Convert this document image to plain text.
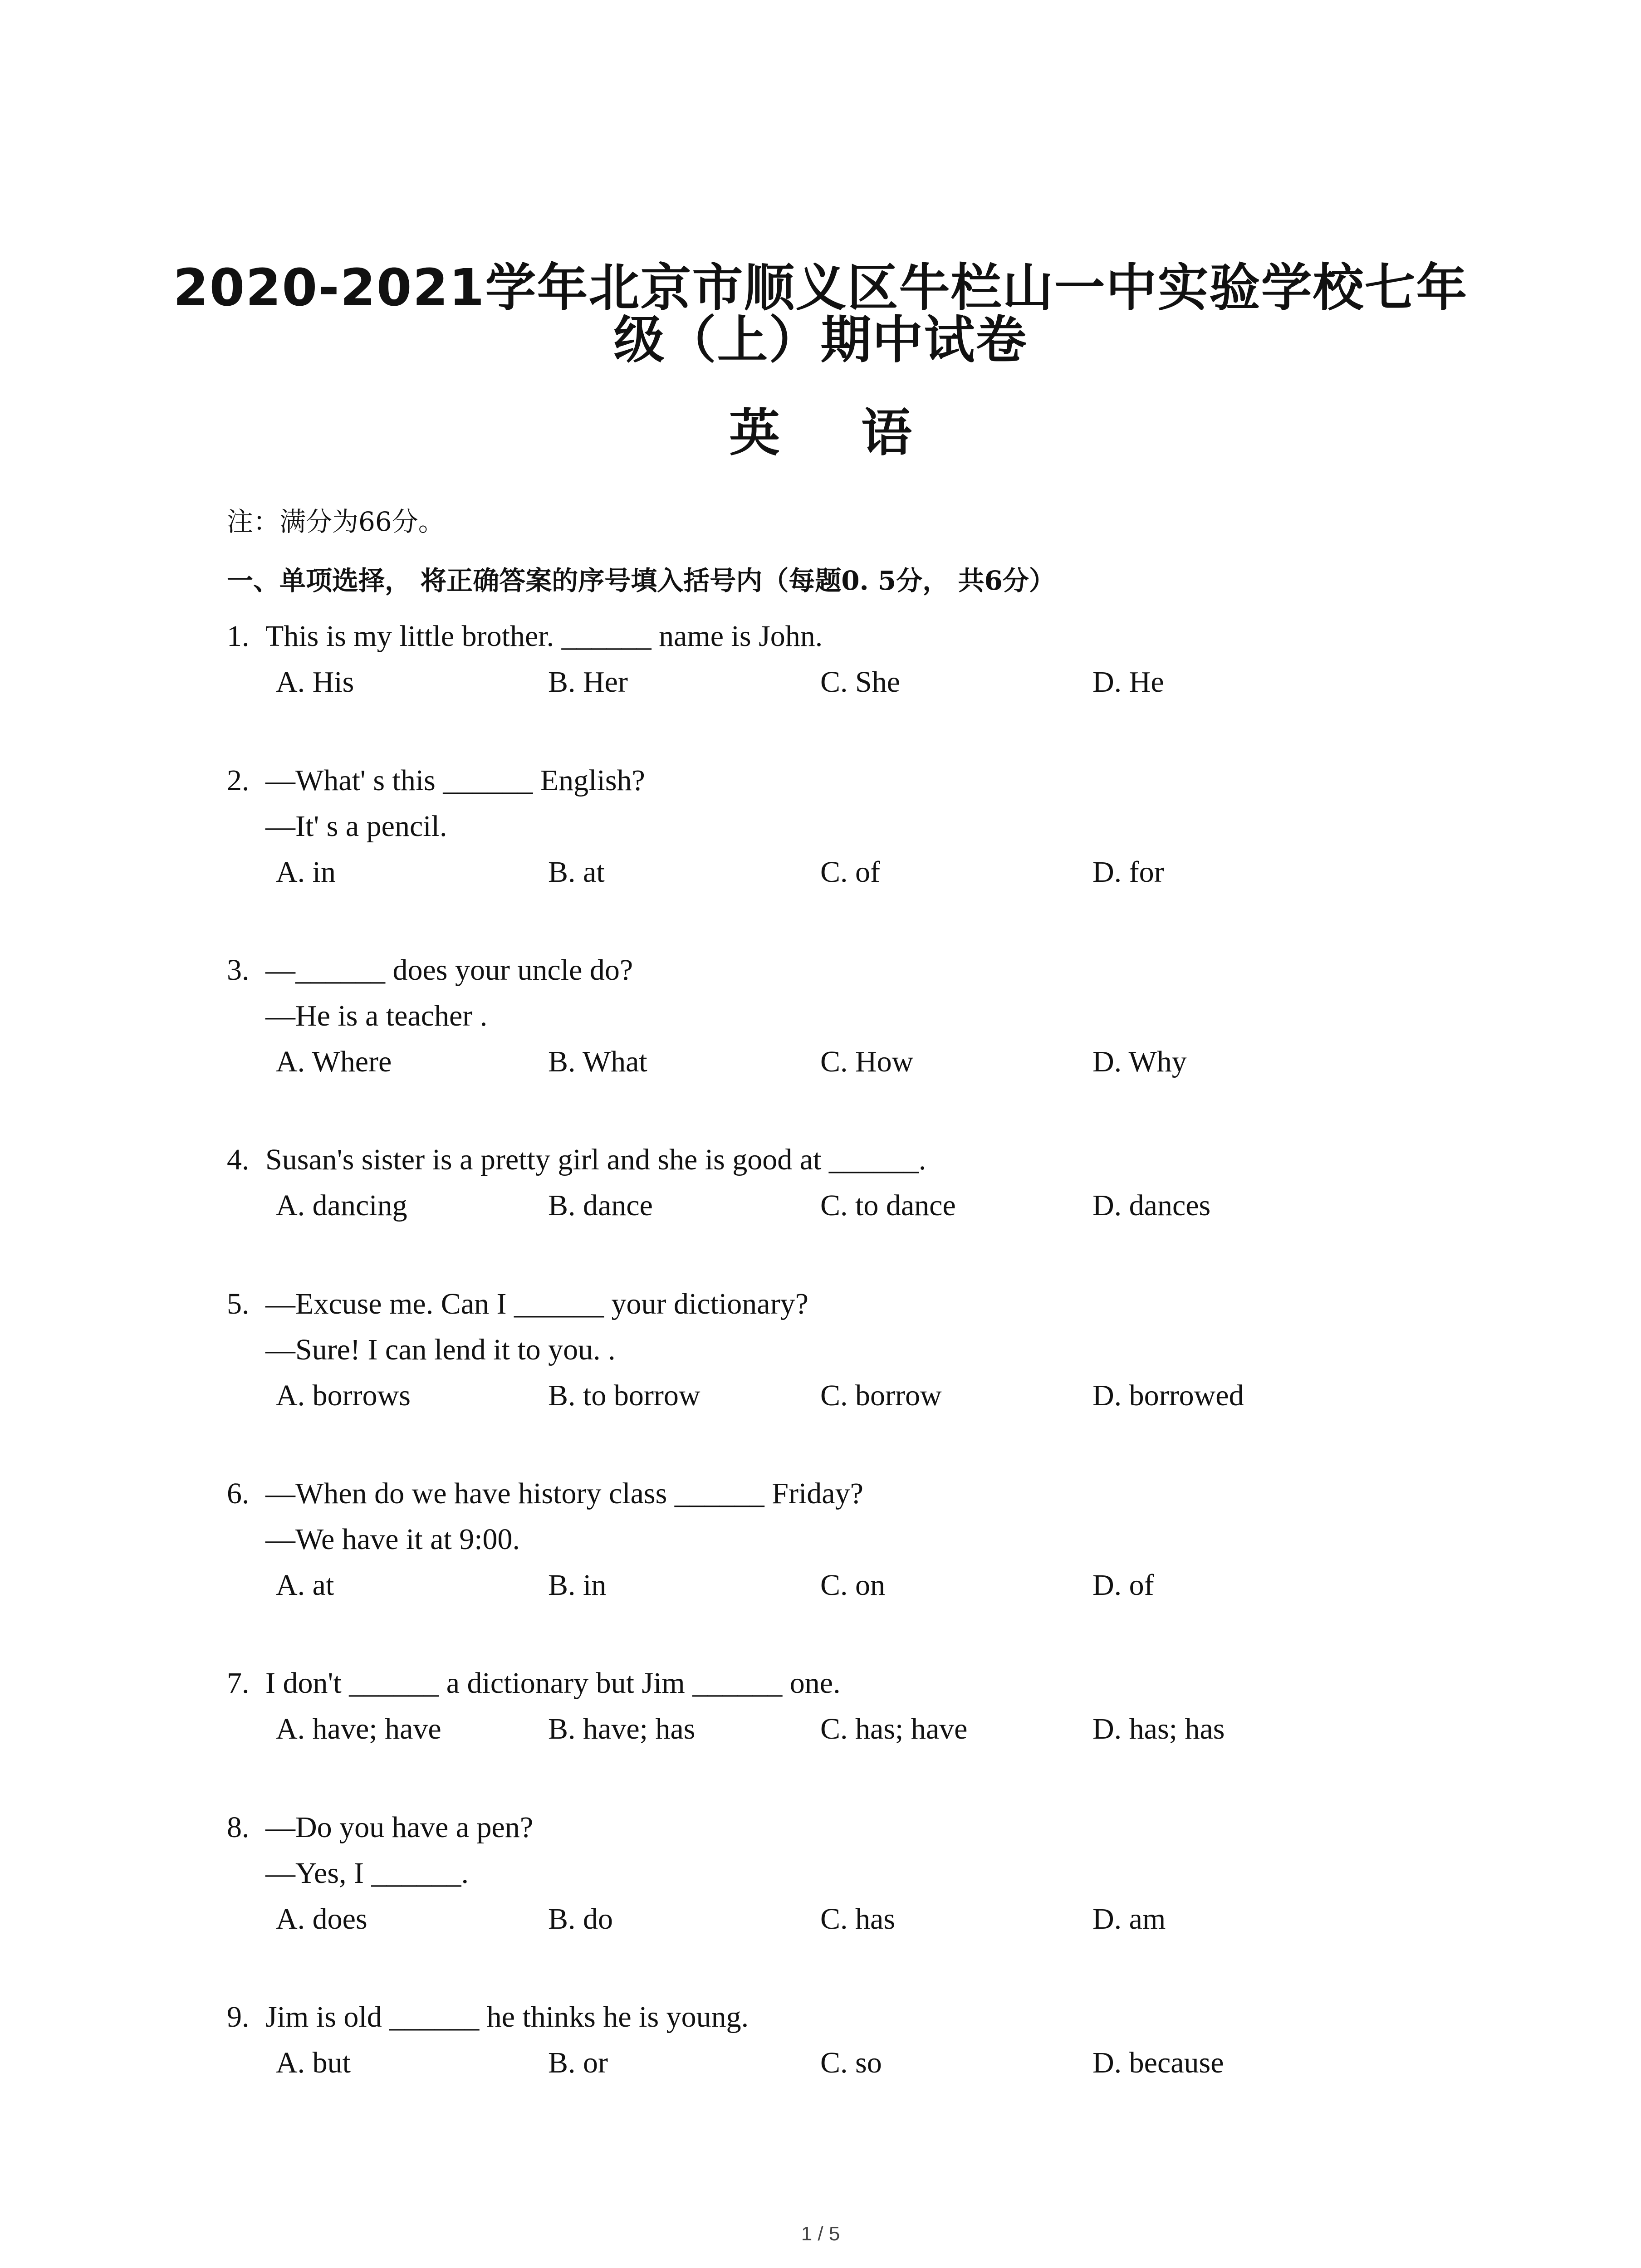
2020-2021学年北京市顺义区牛栏山一中实验学校七年
级（上）期中试卷
英 语
注：满分为66分。
一、单项选择， 将正确答案的序号填入括号内（每题0. 5分， 共6分）
1. This is my little brother. ______ name is John.
A. His	B. Her	C. She	D. He
2. —What' s this ______ English?
—It' s a pencil.
A. in	B. at	C. of	D. for
3. —______ does your uncle do?
—He is a teacher .
A. Where	B. What	C. How	D. Why
4. Susan's sister is a pretty girl and she is good at ______.
A. dancing	B. dance	C. to dance	D. dances
5. —Excuse me. Can I ______ your dictionary?
—Sure! I can lend it to you. .
A. borrows	B. to borrow	C. borrow	D. borrowed
6. —When do we have history class ______ Friday?
—We have it at 9:00.
A. at	B. in	C. on	D. of
7. I don't ______ a dictionary but Jim ______ one.
A. have; have	B. have; has	C. has; have	D. has; has
8. —Do you have a pen?
—Yes, I ______.
A. does	B. do	C. has	D. am
9. Jim is old ______ he thinks he is young.
A. but	B. or	C. so	D. because
1 / 5
